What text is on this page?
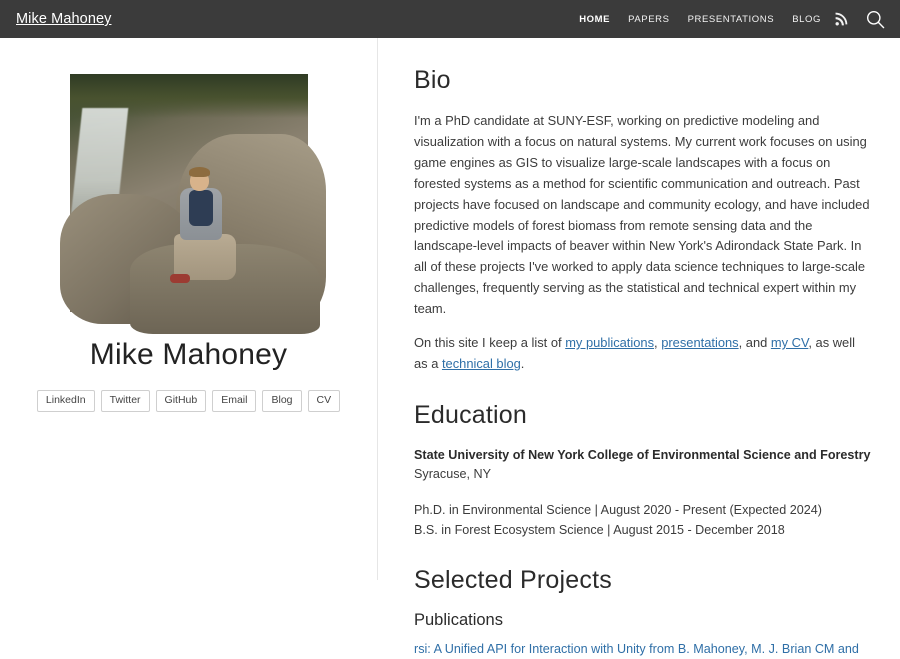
Mike Mahoney	HOME PAPERS PRESENTATIONS BLOG
Mike Mahoney
LinkedIn	Twitter	GitHub	Email	Blog	CV
Bio

I'm a PhD candidate at SUNY-ESF, working on predictive modeling and visualization with a focus on natural systems. My current work focuses on using game engines as GIS to visualize large-scale landscapes with a focus on forested systems as a method for scientific communication and outreach. Past projects have focused on landscape and community ecology, and have included predictive models of forest biomass from remote sensing data and the landscape-level impacts of beaver within New York's Adirondack State Park. In all of these projects I've worked to apply data science techniques to large-scale challenges, frequently serving as the statistical and technical expert within my team.

On this site I keep a list of my publications, presentations, and my CV, as well as a technical blog.

Education

State University of New York College of Environmental Science and Forestry

Syracuse, NY

Ph.D. in Environmental Science | August 2020 - Present (Expected 2024)

B.S. in Forest Ecosystem Science | August 2015 - December 2018

Selected Projects
Publications

rsi: A Unified API for Interaction with Unity from B. Mahoney, M. J. Brian CM and
